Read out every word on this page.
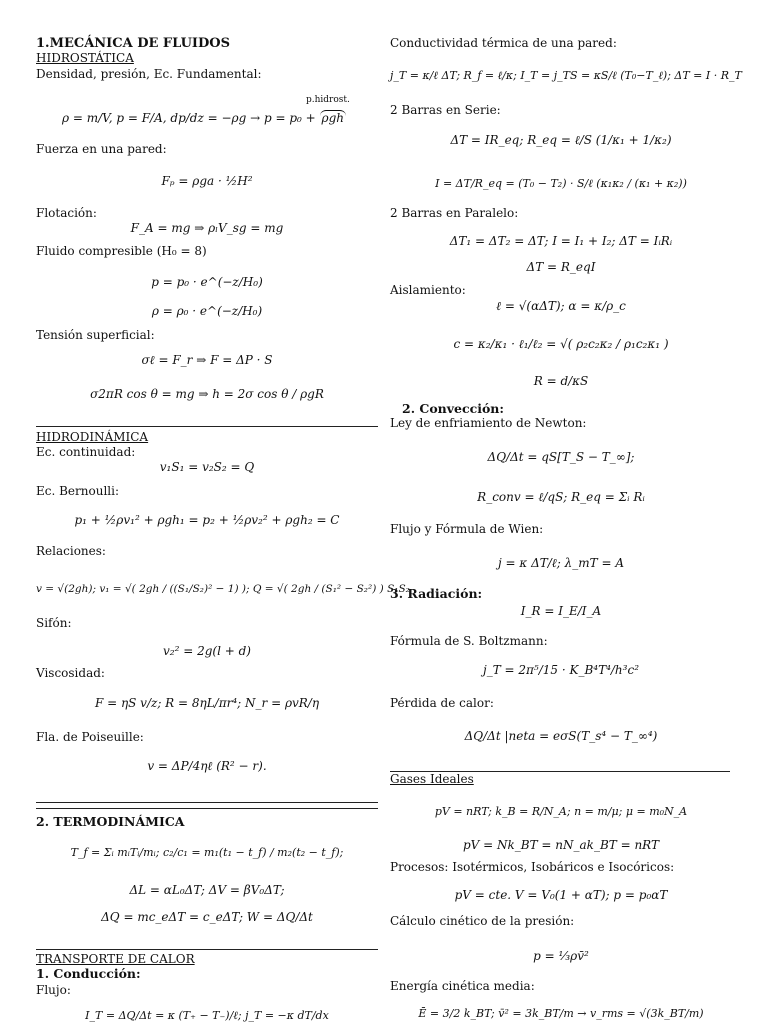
1.MECÁNICA DE FLUIDOS
HIDROSTÁTICA
Densidad, presión, Ec. Fundamental:
p.hidrost.
ρ = m/V, p = F/A, dp/dz = −ρg → p = p₀ + ρgh
Fuerza en una pared:
Fₚ = ρga · ½H²
Flotación:
F_A = mg ⇒ ρₗV_sg = mg
Fluido compresible (H₀ = 8)
p = p₀ · e^(−z/H₀)
ρ = ρ₀ · e^(−z/H₀)
Tensión superficial:
σℓ = F_r ⇒ F = ΔP · S
σ2πR cos θ = mg ⇒ h = 2σ cos θ / ρgR
HIDRODINÁMICA
Ec. continuidad:
v₁S₁ = v₂S₂ = Q
Ec. Bernoulli:
p₁ + ½ρv₁² + ρgh₁ = p₂ + ½ρv₂² + ρgh₂ = C
Relaciones:
v = √(2gh); v₁ = √( 2gh / ((S₁/S₂)² − 1) ); Q = √( 2gh / (S₁² − S₂²) ) S₁S₂
Sifón:
v₂² = 2g(l + d)
Viscosidad:
F = ηS v/z; R = 8ηL/πr⁴; N_r = ρvR/η
Fla. de Poiseuille:
v = ΔP/4ηℓ (R² − r).
2. TERMODINÁMICA
T_f = Σᵢ mᵢTᵢ/mᵢ; c₂/c₁ = m₁(t₁ − t_f) / m₂(t₂ − t_f);
ΔL = αL₀ΔT; ΔV = βV₀ΔT;
ΔQ = mc_eΔT = c_eΔT; W = ΔQ/Δt
TRANSPORTE DE CALOR
1. Conducción:
Flujo:
I_T = ΔQ/Δt = κ (T₊ − T₋)/ℓ; j_T = −κ dT/dx
Conductividad térmica de una pared:
j_T = κ/ℓ ΔT; R_f = ℓ/κ; I_T = j_TS = κS/ℓ (T₀−T_ℓ); ΔT = I · R_T
2 Barras en Serie:
ΔT = IR_eq; R_eq = ℓ/S (1/κ₁ + 1/κ₂)
I = ΔT/R_eq = (T₀ − T₂) · S/ℓ (κ₁κ₂ / (κ₁ + κ₂))
2 Barras en Paralelo:
ΔT₁ = ΔT₂ = ΔT; I = I₁ + I₂; ΔT = IᵢRᵢ
ΔT = R_eqI
Aislamiento:
ℓ = √(αΔT); α = κ/ρ_c
c = κ₂/κ₁ · ℓ₁/ℓ₂ = √( ρ₂c₂κ₂ / ρ₁c₂κ₁ )
R = d/κS
2. Convección:
Ley de enfriamiento de Newton:
ΔQ/Δt = qS[T_S − T_∞];
R_conv = ℓ/qS; R_eq = Σᵢ Rᵢ
Flujo y Fórmula de Wien:
j = κ ΔT/ℓ; λ_mT = A
3. Radiación:
I_R = I_E/I_A
Fórmula de S. Boltzmann:
j_T = 2π⁵/15 · K_B⁴T⁴/h³c²
Pérdida de calor:
ΔQ/Δt |neta = eσS(T_s⁴ − T_∞⁴)
Gases Ideales
pV = nRT; k_B = R/N_A; n = m/μ; μ = m₀N_A
pV = Nk_BT = nN_ak_BT = nRT
Procesos: Isotérmicos, Isobáricos e Isocóricos:
pV = cte. V = V₀(1 + αT); p = p₀αT
Cálculo cinético de la presión:
p = ⅓ρv̄²
Energía cinética media:
Ē = 3/2 k_BT; v̄² = 3k_BT/m → v_rms = √(3k_BT/m)
